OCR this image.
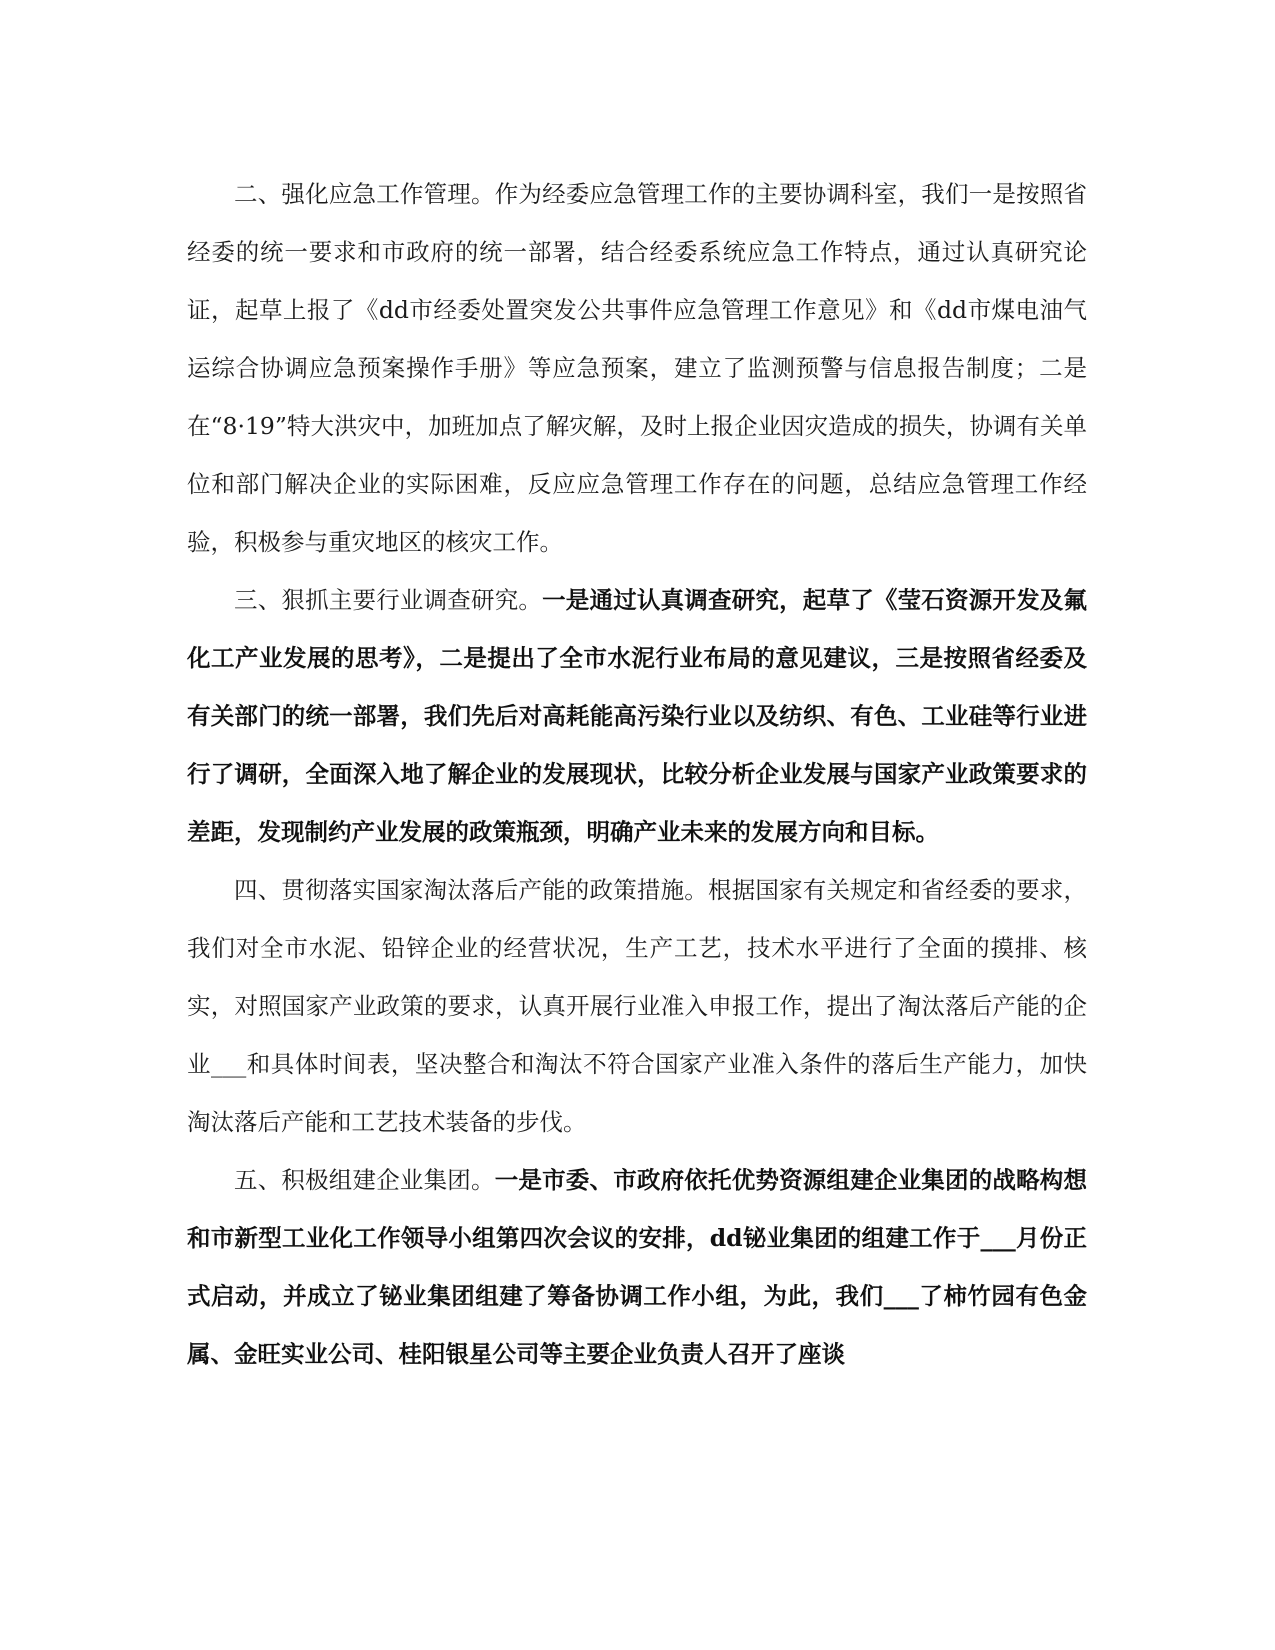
二、强化应急工作管理。作为经委应急管理工作的主要协调科室，我们一是按照省经委的统一要求和市政府的统一部署，结合经委系统应急工作特点，通过认真研究论证，起草上报了《dd市经委处置突发公共事件应急管理工作意见》和《dd市煤电油气运综合协调应急预案操作手册》等应急预案，建立了监测预警与信息报告制度；二是在“8·19”特大洪灾中，加班加点了解灾解，及时上报企业因灾造成的损失，协调有关单位和部门解决企业的实际困难，反应应急管理工作存在的问题，总结应急管理工作经验，积极参与重灾地区的核灾工作。

三、狠抓主要行业调查研究。一是通过认真调查研究，起草了《莹石资源开发及氟化工产业发展的思考》，二是提出了全市水泥行业布局的意见建议，三是按照省经委及有关部门的统一部署，我们先后对高耗能高污染行业以及纺织、有色、工业硅等行业进行了调研，全面深入地了解企业的发展现状，比较分析企业发展与国家产业政策要求的差距，发现制约产业发展的政策瓶颈，明确产业未来的发展方向和目标。

四、贯彻落实国家淘汰落后产能的政策措施。根据国家有关规定和省经委的要求，我们对全市水泥、铅锌企业的经营状况，生产工艺，技术水平进行了全面的摸排、核实，对照国家产业政策的要求，认真开展行业准入申报工作，提出了淘汰落后产能的企业___和具体时间表，坚决整合和淘汰不符合国家产业准入条件的落后生产能力，加快淘汰落后产能和工艺技术装备的步伐。

五、积极组建企业集团。一是市委、市政府依托优势资源组建企业集团的战略构想和市新型工业化工作领导小组第四次会议的安排，dd铋业集团的组建工作于___月份正式启动，并成立了铋业集团组建了筹备协调工作小组，为此，我们___了柿竹园有色金属、金旺实业公司、桂阳银星公司等主要企业负责人召开了座谈
